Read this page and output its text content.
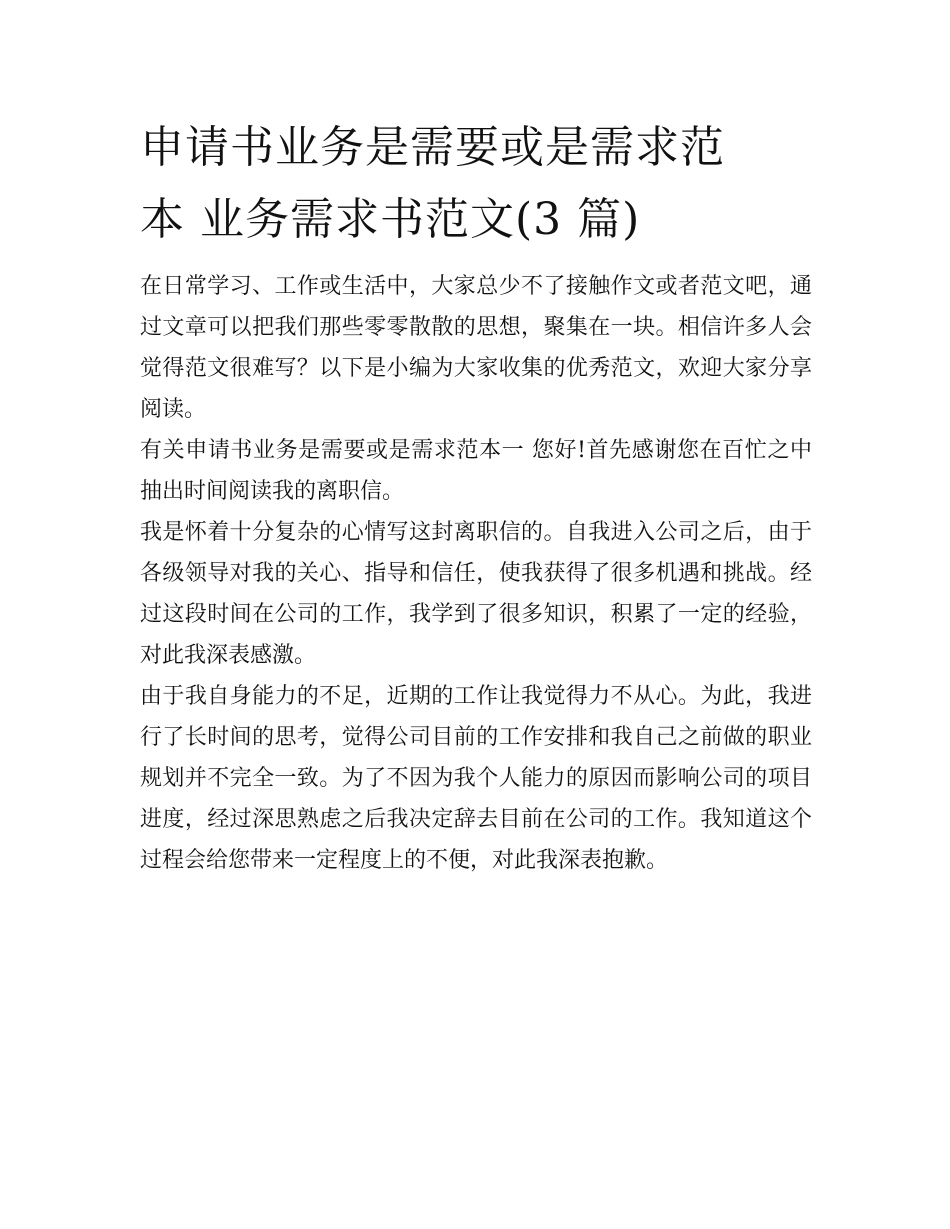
申请书业务是需要或是需求范
本 业务需求书范文(3 篇)

在日常学习、工作或生活中，大家总少不了接触作文或者范文吧，通过文章可以把我们那些零零散散的思想，聚集在一块。相信许多人会觉得范文很难写？以下是小编为大家收集的优秀范文，欢迎大家分享阅读。

有关申请书业务是需要或是需求范本一 您好!首先感谢您在百忙之中抽出时间阅读我的离职信。

我是怀着十分复杂的心情写这封离职信的。自我进入公司之后，由于各级领导对我的关心、指导和信任，使我获得了很多机遇和挑战。经过这段时间在公司的工作，我学到了很多知识，积累了一定的经验，对此我深表感激。

由于我自身能力的不足，近期的工作让我觉得力不从心。为此，我进行了长时间的思考，觉得公司目前的工作安排和我自己之前做的职业规划并不完全一致。为了不因为我个人能力的原因而影响公司的项目进度，经过深思熟虑之后我决定辞去目前在公司的工作。我知道这个过程会给您带来一定程度上的不便，对此我深表抱歉。
